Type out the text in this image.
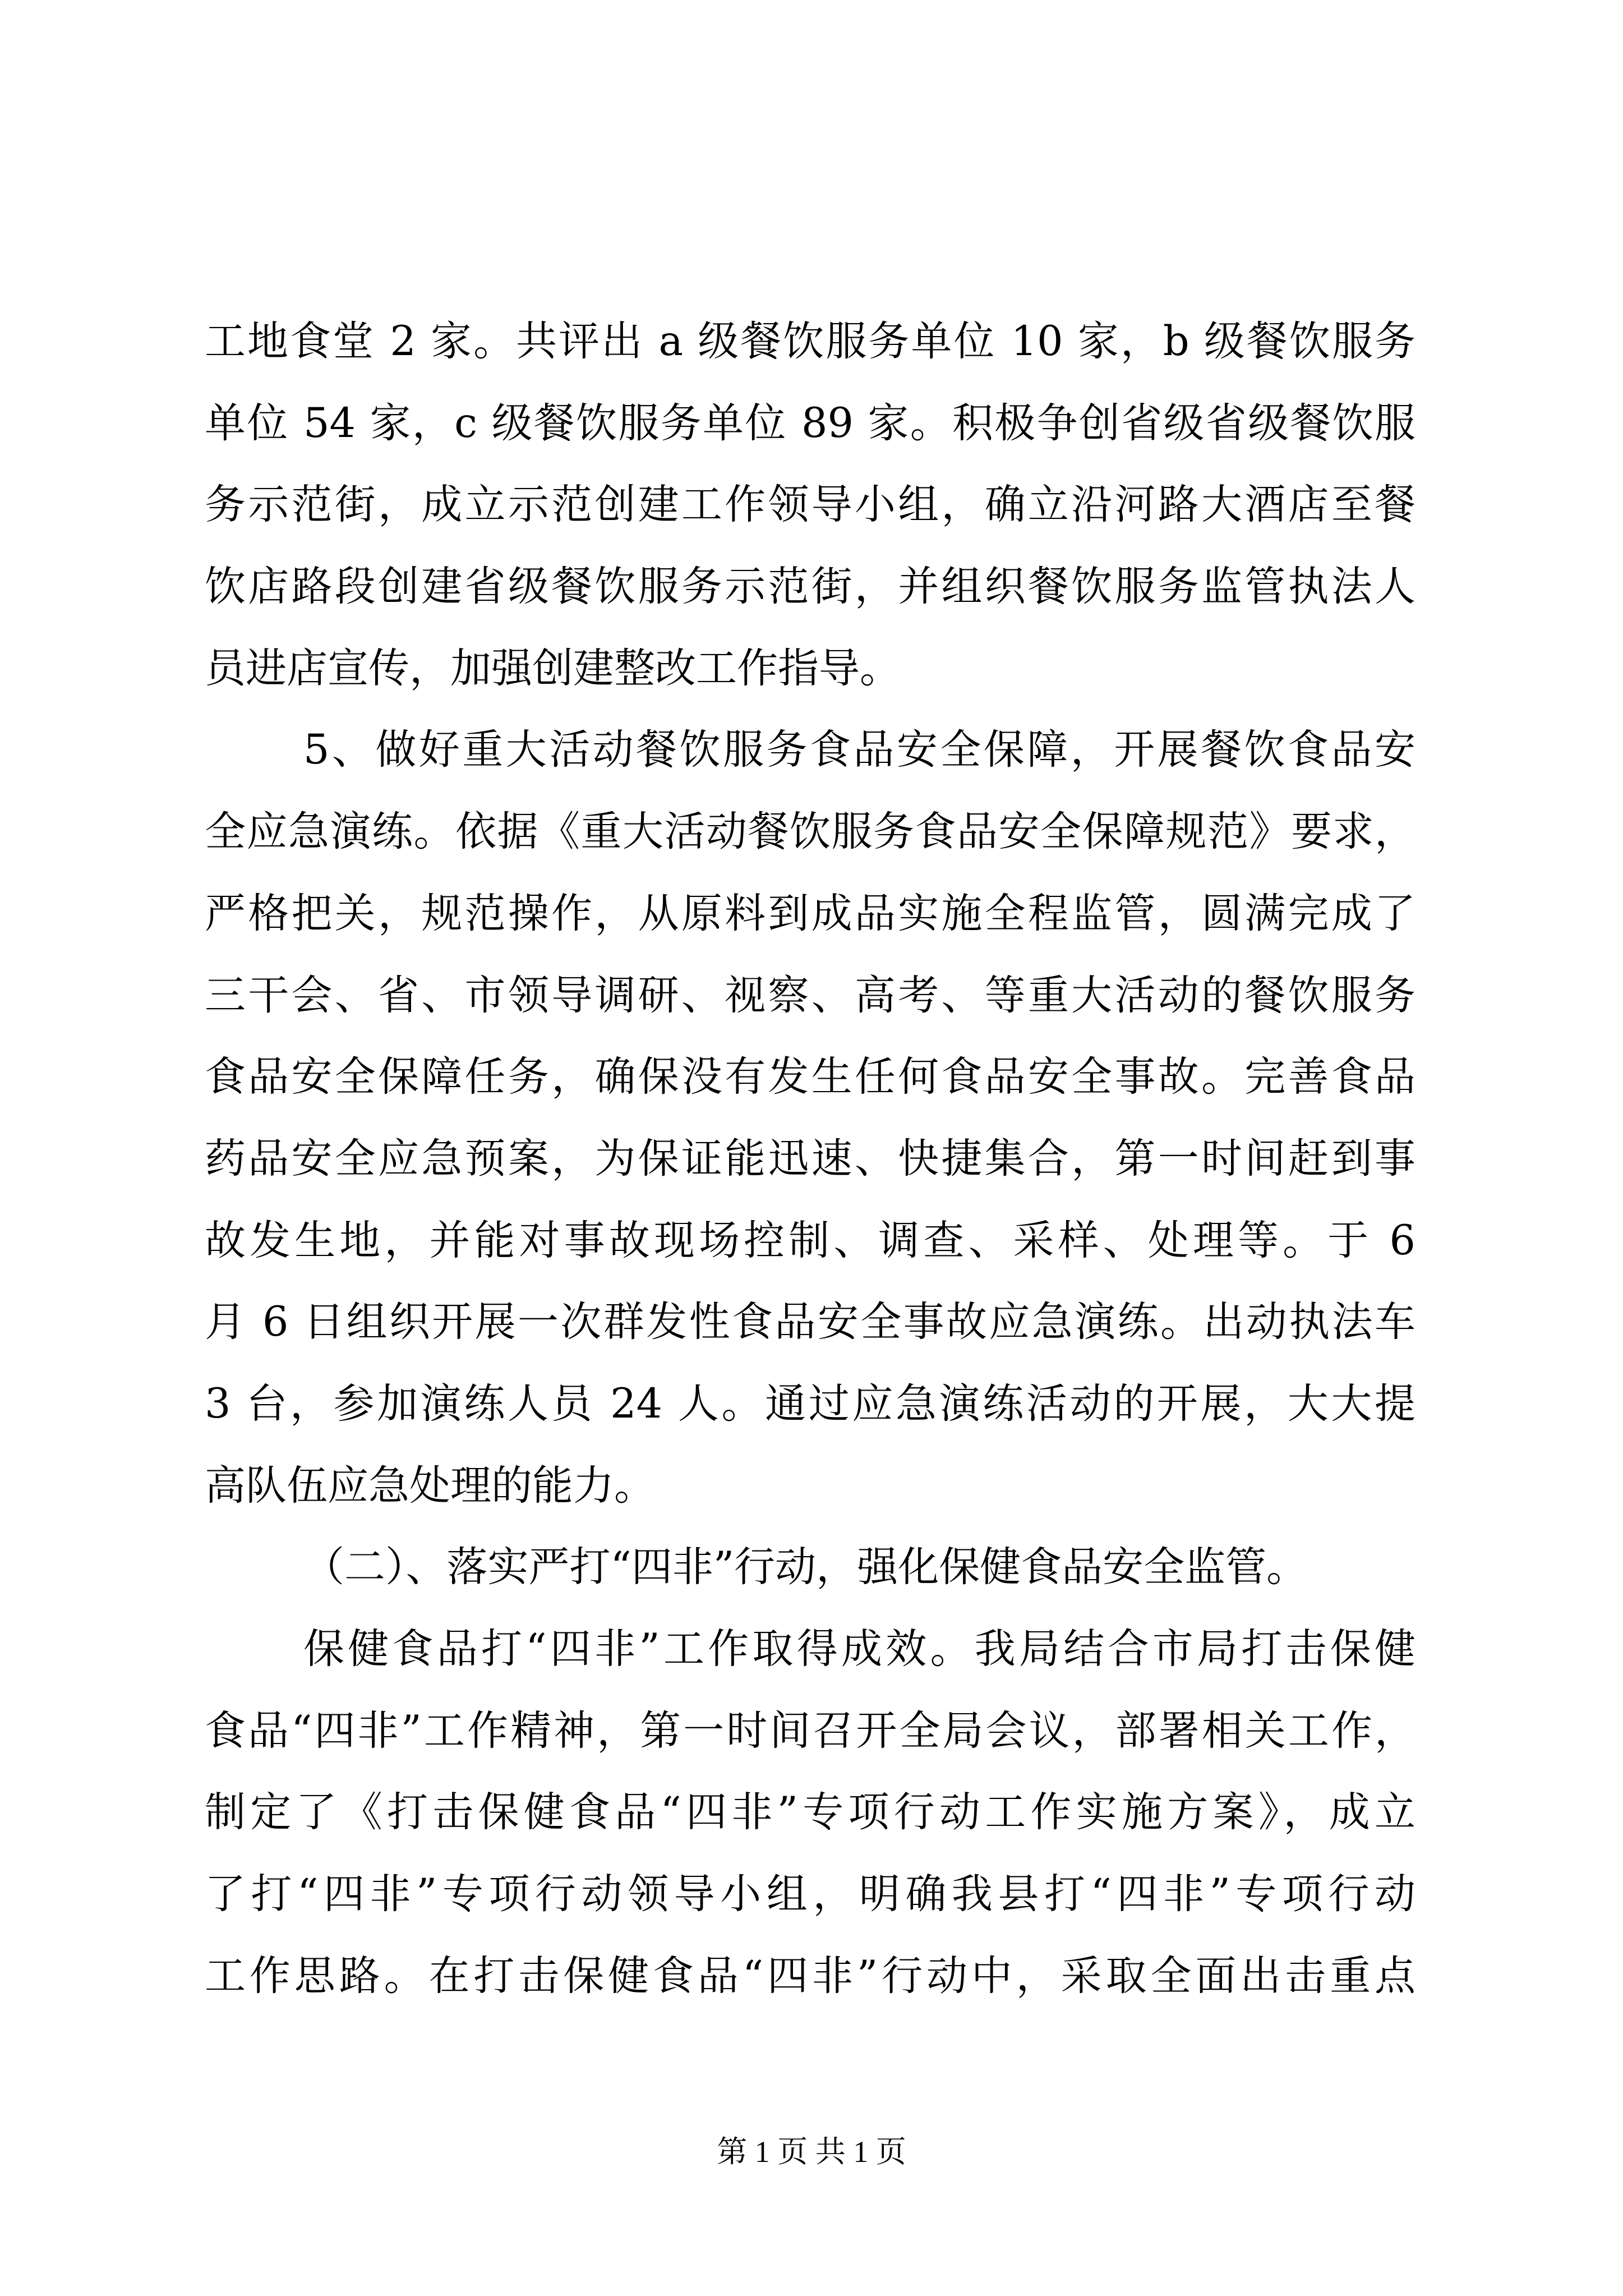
工地食堂 2 家。共评出 a 级餐饮服务单位 10 家，b 级餐饮服务
单位 54 家，c 级餐饮服务单位 89 家。积极争创省级省级餐饮服
务示范街，成立示范创建工作领导小组，确立沿河路大酒店至餐
饮店路段创建省级餐饮服务示范街，并组织餐饮服务监管执法人
员进店宣传，加强创建整改工作指导。
5、做好重大活动餐饮服务食品安全保障，开展餐饮食品安
全应急演练。依据《重大活动餐饮服务食品安全保障规范》要求，
严格把关，规范操作，从原料到成品实施全程监管，圆满完成了
三干会、省、市领导调研、视察、高考、等重大活动的餐饮服务
食品安全保障任务，确保没有发生任何食品安全事故。完善食品
药品安全应急预案，为保证能迅速、快捷集合，第一时间赶到事
故发生地，并能对事故现场控制、调查、采样、处理等。于 6
月 6 日组织开展一次群发性食品安全事故应急演练。出动执法车
3 台，参加演练人员 24 人。通过应急演练活动的开展，大大提
高队伍应急处理的能力。
（二）、落实严打“四非”行动，强化保健食品安全监管。
保健食品打“四非”工作取得成效。我局结合市局打击保健
食品“四非”工作精神，第一时间召开全局会议，部署相关工作，
制定了《打击保健食品“四非”专项行动工作实施方案》，成立
了打“四非”专项行动领导小组，明确我县打“四非”专项行动
工作思路。在打击保健食品“四非”行动中，采取全面出击重点
第 1 页 共 1 页
